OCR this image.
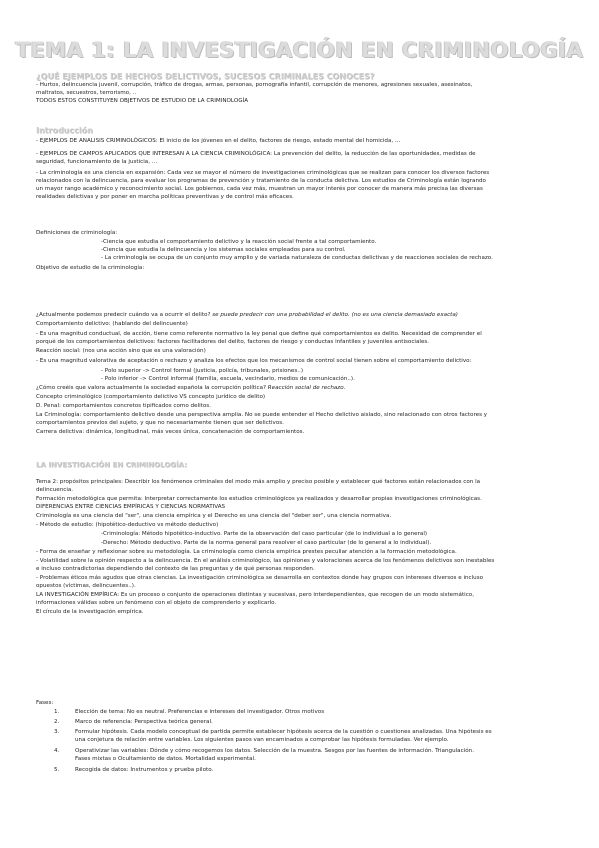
TEMA 1: LA INVESTIGACIÓN EN CRIMINOLOGÍA
¿QUÉ EJEMPLOS DE HECHOS DELICTIVOS, SUCESOS CRIMINALES CONOCES?
- Hurtos, delincuencia juvenil, corrupción, tráfico de drogas, armas, personas, pornografía infantil, corrupción de menores, agresiones sexuales, asesinatos,
maltratos, secuestros, terrorismo, ..
TODOS ESTOS CONSTITUYEN OBJETIVOS DE ESTUDIO DE LA CRIMINOLOGÍA
Introducción
- EJEMPLOS DE ANALISIS CRIMINOLÓGICOS: El inicio de los jóvenes en el delito, factores de riesgo, estado mental del homicida, ...
- EJEMPLOS DE CAMPOS APLICADOS QUE INTERESAN A LA CIENCIA CRIMINOLÓGICA: La prevención del delito, la reducción de las oportunidades, medidas de
seguridad, funcionamiento de la justicia, ...
- La criminología es una ciencia en expansión: Cada vez se mayor el número de investigaciones criminológicas que se realizan para conocer los diversos factores
relacionados con la delincuencia, para evaluar los programas de prevención y tratamiento de la conducta delictiva. Los estudios de Criminología están logrando
un mayor rango académico y reconocimiento social. Los gobiernos, cada vez más, muestran un mayor interés por conocer de manera más precisa las diversas
realidades delictivas y por poner en marcha políticas preventivas y de control más eficaces.
Definiciones de criminología:
-Ciencia que estudia el comportamiento delictivo y la reacción social frente a tal comportamiento.
-Ciencia que estudia la delincuencia y los sistemas sociales empleados para su control.
- La criminología se ocupa de un conjunto muy amplio y de variada naturaleza de conductas delictivas y de reacciones sociales de rechazo.
Objetivo de estudio de la criminología:
¿Actualmente podemos predecir cuándo va a ocurrir el delito? se puede predecir con una probabilidad el delito. (no es una ciencia demasiado exacta)
Comportamiento delictivo: (hablando del delincuente)
- Es una magnitud conductual, de acción, tiene como referente normativo la ley penal que define qué comportamientos es delito. Necesidad de comprender el
porqué de los comportamientos delictivos: factores facilitadores del delito, factores de riesgo y conductas infantiles y juveniles antisociales.
Reacción social: (nos una acción sino que es una valoración)
- Es una magnitud valorativa de aceptación o rechazo y analiza los efectos que los mecanismos de control social tienen sobre el comportamiento delictivo:
- Polo superior -> Control formal (justicia, policía, tribunales, prisiones..)
- Polo inferior -> Control informal (familia, escuela, vecindario, medios de comunicación..).
¿Cómo creéis que valora actualmente la sociedad española la corrupción política? Reacción social de rechazo.
Concepto criminológico (comportamiento delictivo VS concepto jurídico de delito)
D. Penal: comportamientos concretos tipificados como delitos.
La Criminología: comportamiento delictivo desde una perspectiva amplia. No se puede entender el Hecho delictivo aislado, sino relacionado con otros factores y
comportamientos previos del sujeto, y que no necesariamente tienen que ser delictivos.
Carrera delictiva: dinámica, longitudinal, más veces única, concatenación de comportamientos.
LA INVESTIGACIÓN EN CRIMINOLOGÍA:
Tema 2: propósitos principales: Describir los fenómenos criminales del modo más amplio y preciso posible y establecer qué factores están relacionados con la
delincuencia.
Formación metodológica que permita: Interpretar correctamente los estudios criminológicos ya realizados y desarrollar propias investigaciones criminológicas.
DIFERENCIAS ENTRE CIENCIAS EMPÍRICAS Y CIENCIAS NORMATIVAS
Criminología es una ciencia del "ser", una ciencia empírica y el Derecho es una ciencia del "deber ser", una ciencia normativa.
- Método de estudio: (hipotético-deductivo vs método deductivo)
-Criminología: Método hipotético-inductivo. Parte de la observación del caso particular (de lo individual a lo general)
-Derecho: Método deductivo. Parte de la norma general para resolver el caso particular (de lo general a lo individual).
- Forma de enseñar y reflexionar sobre su metodología. La criminología como ciencia empírica prestes peculiar atención a la formación metodológica.
- Volatilidad sobre la opinión respecto a la delincuencia. En el análisis criminológico, las opiniones y valoraciones acerca de los fenómenos delictivos son inestables
e incluso contradictorias dependiendo del contexto de las preguntas y de qué personas responden.
- Problemas éticos más agudos que otras ciencias. La investigación criminológica se desarrolla en contextos donde hay grupos con intereses diversos e incluso
opuestos (víctimas, delincuentes..).
LA INVESTIGACIÓN EMPÍRICA: Es un proceso o conjunto de operaciones distintas y sucesivas, pero interdependientes, que recogen de un modo sistemático,
informaciones válidas sobre un fenómeno con el objeto de comprenderlo y explicarlo.
El círculo de la investigación empírica.
Fases:
1.	Elección de tema: No es neutral. Preferencias e intereses del investigador. Otros motivos
2.	Marco de referencia: Perspectiva teórica general.
3.	Formular hipótesis. Cada modelo conceptual de partida permite establecer hipótesis acerca de la cuestión o cuestiones analizadas. Una hipótesis es
una conjetura de relación entre variables. Los siguientes pasos van encaminados a comprobar las hipótesis formuladas. Ver ejemplo.
4.	Operativizar las variables: Dónde y cómo recogemos los datos. Selección de la muestra. Sesgos por las fuentes de información. Triangulación.
Fases mixtas o Ocultamiento de datos. Mortalidad experimental.
5.	Recogida de datos: Instrumentos y prueba piloto.
